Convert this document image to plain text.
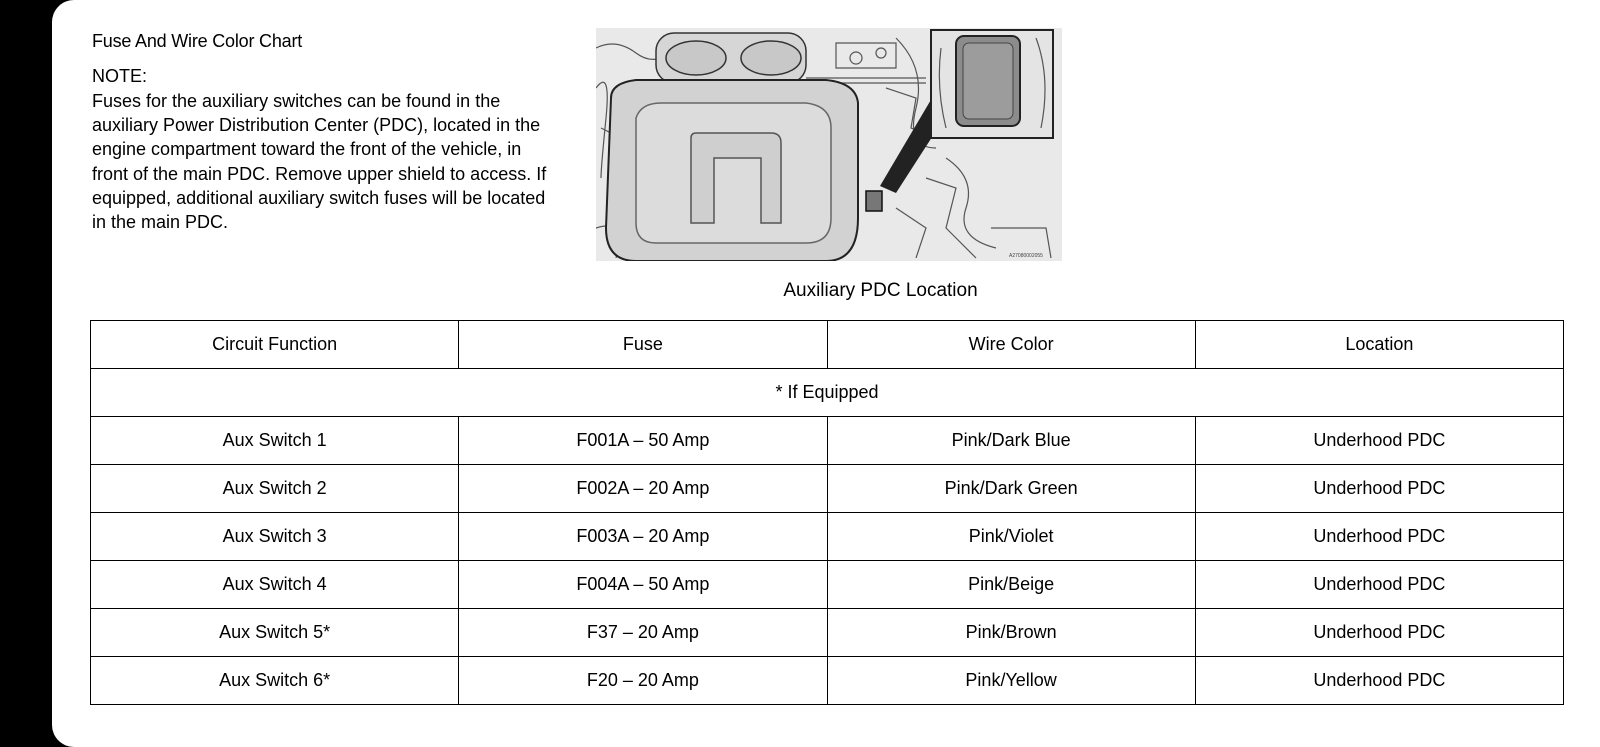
Fuse And Wire Color Chart
NOTE:
Fuses for the auxiliary switches can be found in the auxiliary Power Distribution Center (PDC), located in the engine compartment toward the front of the vehicle, in front of the main PDC. Remove upper shield to access. If equipped, additional auxiliary switch fuses will be located in the main PDC.
A27080002055
Auxiliary PDC Location
Circuit Function	Fuse	Wire Color	Location
* If Equipped			
Aux Switch 1	F001A – 50 Amp	Pink/Dark Blue	Underhood PDC
Aux Switch 2	F002A – 20 Amp	Pink/Dark Green	Underhood PDC
Aux Switch 3	F003A – 20 Amp	Pink/Violet	Underhood PDC
Aux Switch 4	F004A – 50 Amp	Pink/Beige	Underhood PDC
Aux Switch 5*	F37 – 20 Amp	Pink/Brown	Underhood PDC
Aux Switch 6*	F20 – 20 Amp	Pink/Yellow	Underhood PDC
